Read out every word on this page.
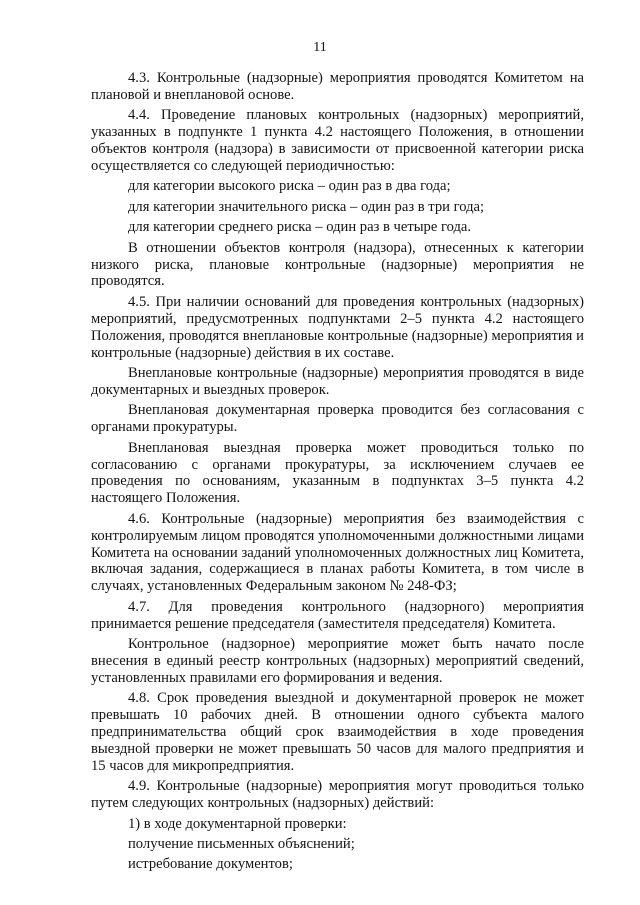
11

4.3. Контрольные (надзорные) мероприятия проводятся Комитетом на плановой и внеплановой основе.

4.4. Проведение плановых контрольных (надзорных) мероприятий, указанных в подпункте 1 пункта 4.2 настоящего Положения, в отношении объектов контроля (надзора) в зависимости от присвоенной категории риска осуществляется со следующей периодичностью:

для категории высокого риска – один раз в два года;

для категории значительного риска – один раз в три года;

для категории среднего риска – один раз в четыре года.

В отношении объектов контроля (надзора), отнесенных к категории низкого риска, плановые контрольные (надзорные) мероприятия не проводятся.

4.5. При наличии оснований для проведения контрольных (надзорных) мероприятий, предусмотренных подпунктами 2–5 пункта 4.2 настоящего Положения, проводятся внеплановые контрольные (надзорные) мероприятия и контрольные (надзорные) действия в их составе.

Внеплановые контрольные (надзорные) мероприятия проводятся в виде документарных и выездных проверок.

Внеплановая документарная проверка проводится без согласования с органами прокуратуры.

Внеплановая выездная проверка может проводиться только по согласованию с органами прокуратуры, за исключением случаев ее проведения по основаниям, указанным в подпунктах 3–5 пункта 4.2 настоящего Положения.

4.6. Контрольные (надзорные) мероприятия без взаимодействия с контролируемым лицом проводятся уполномоченными должностными лицами Комитета на основании заданий уполномоченных должностных лиц Комитета, включая задания, содержащиеся в планах работы Комитета, в том числе в случаях, установленных Федеральным законом № 248-ФЗ;

4.7. Для проведения контрольного (надзорного) мероприятия принимается решение председателя (заместителя председателя) Комитета.

Контрольное (надзорное) мероприятие может быть начато после внесения в единый реестр контрольных (надзорных) мероприятий сведений, установленных правилами его формирования и ведения.

4.8. Срок проведения выездной и документарной проверок не может превышать 10 рабочих дней. В отношении одного субъекта малого предпринимательства общий срок взаимодействия в ходе проведения выездной проверки не может превышать 50 часов для малого предприятия и 15 часов для микропредприятия.

4.9. Контрольные (надзорные) мероприятия могут проводиться только путем следующих контрольных (надзорных) действий:

1) в ходе документарной проверки:

получение письменных объяснений;

истребование документов;
